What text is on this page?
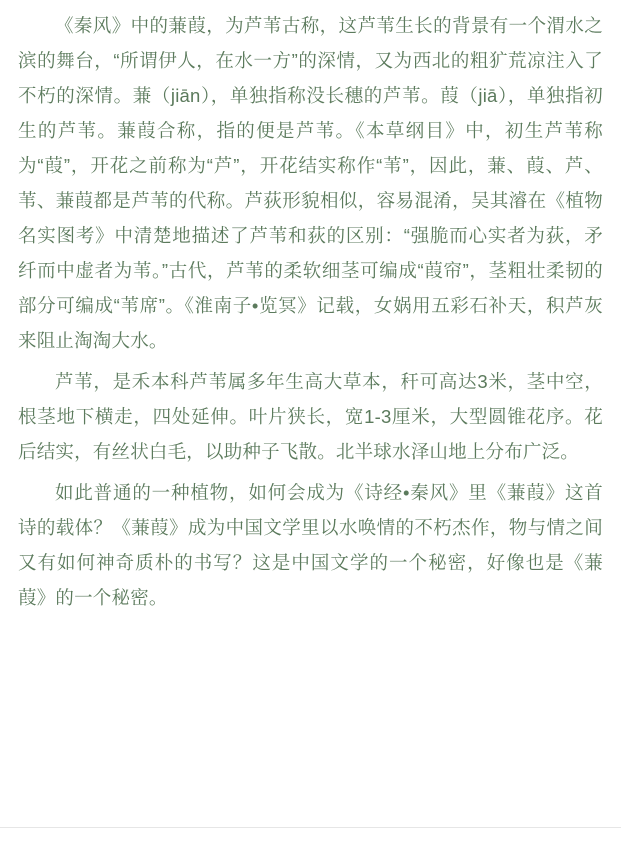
《秦风》中的蒹葭，为芦苇古称，这芦苇生长的背景有一个渭水之滨的舞台，“所谓伊人，在水一方”的深情，又为西北的粗犷荒凉注入了不朽的深情。蒹（jiān），单独指称没长穗的芦苇。葭（jiā），单独指初生的芦苇。蒹葭合称，指的便是芦苇。《本草纲目》中，初生芦苇称为“葭”，开花之前称为“芦”，开花结实称作“苇”，因此，蒹、葭、芦、苇、蒹葭都是芦苇的代称。芦荻形貌相似，容易混淆，吴其濬在《植物名实图考》中清楚地描述了芦苇和荻的区别：“强脆而心实者为荻，矛纤而中虚者为苇。”古代，芦苇的柔软细茎可编成“葭帘”，茎粗壮柔韧的部分可编成“苇席”。《淮南子•览冥》记载，女娲用五彩石补天，积芦灰来阻止淘淘大水。

芦苇，是禾本科芦苇属多年生高大草本，秆可高达3米，茎中空，根茎地下横走，四处延伸。叶片狭长，宽1-3厘米，大型圆锥花序。花后结实，有丝状白毛，以助种子飞散。北半球水泽山地上分布广泛。

如此普通的一种植物，如何会成为《诗经•秦风》里《蒹葭》这首诗的载体？《蒹葭》成为中国文学里以水唤情的不朽杰作，物与情之间又有如何神奇质朴的书写？这是中国文学的一个秘密，好像也是《蒹葭》的一个秘密。
